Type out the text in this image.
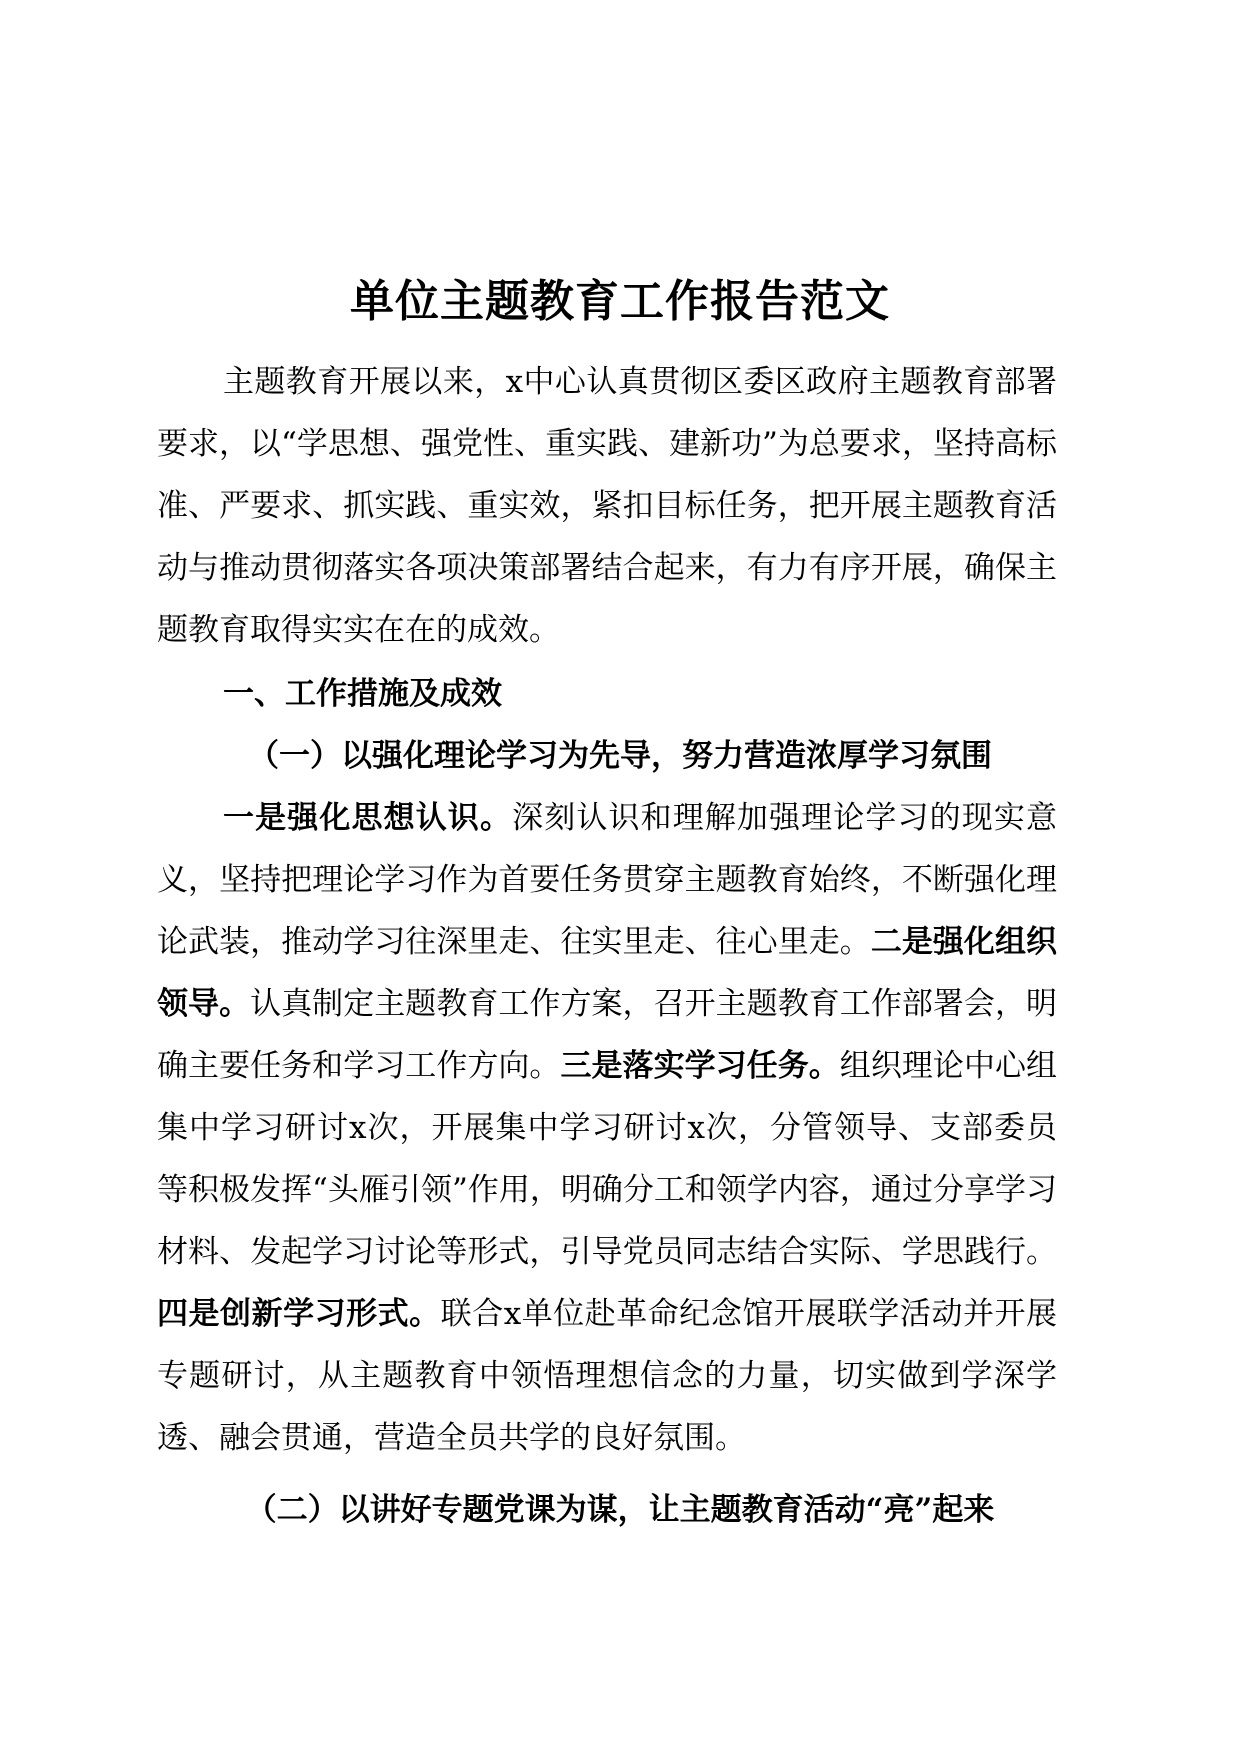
单位主题教育工作报告范文

主题教育开展以来，x中心认真贯彻区委区政府主题教育部署要求，以“学思想、强党性、重实践、建新功”为总要求，坚持高标准、严要求、抓实践、重实效，紧扣目标任务，把开展主题教育活动与推动贯彻落实各项决策部署结合起来，有力有序开展，确保主题教育取得实实在在的成效。

一、工作措施及成效

（一）以强化理论学习为先导，努力营造浓厚学习氛围

一是强化思想认识。深刻认识和理解加强理论学习的现实意义，坚持把理论学习作为首要任务贯穿主题教育始终，不断强化理论武装，推动学习往深里走、往实里走、往心里走。二是强化组织领导。认真制定主题教育工作方案，召开主题教育工作部署会，明确主要任务和学习工作方向。三是落实学习任务。组织理论中心组集中学习研讨x次，开展集中学习研讨x次，分管领导、支部委员等积极发挥“头雁引领”作用，明确分工和领学内容，通过分享学习材料、发起学习讨论等形式，引导党员同志结合实际、学思践行。四是创新学习形式。联合x单位赴革命纪念馆开展联学活动并开展专题研讨，从主题教育中领悟理想信念的力量，切实做到学深学透、融会贯通，营造全员共学的良好氛围。

（二）以讲好专题党课为谋，让主题教育活动“亮”起来
